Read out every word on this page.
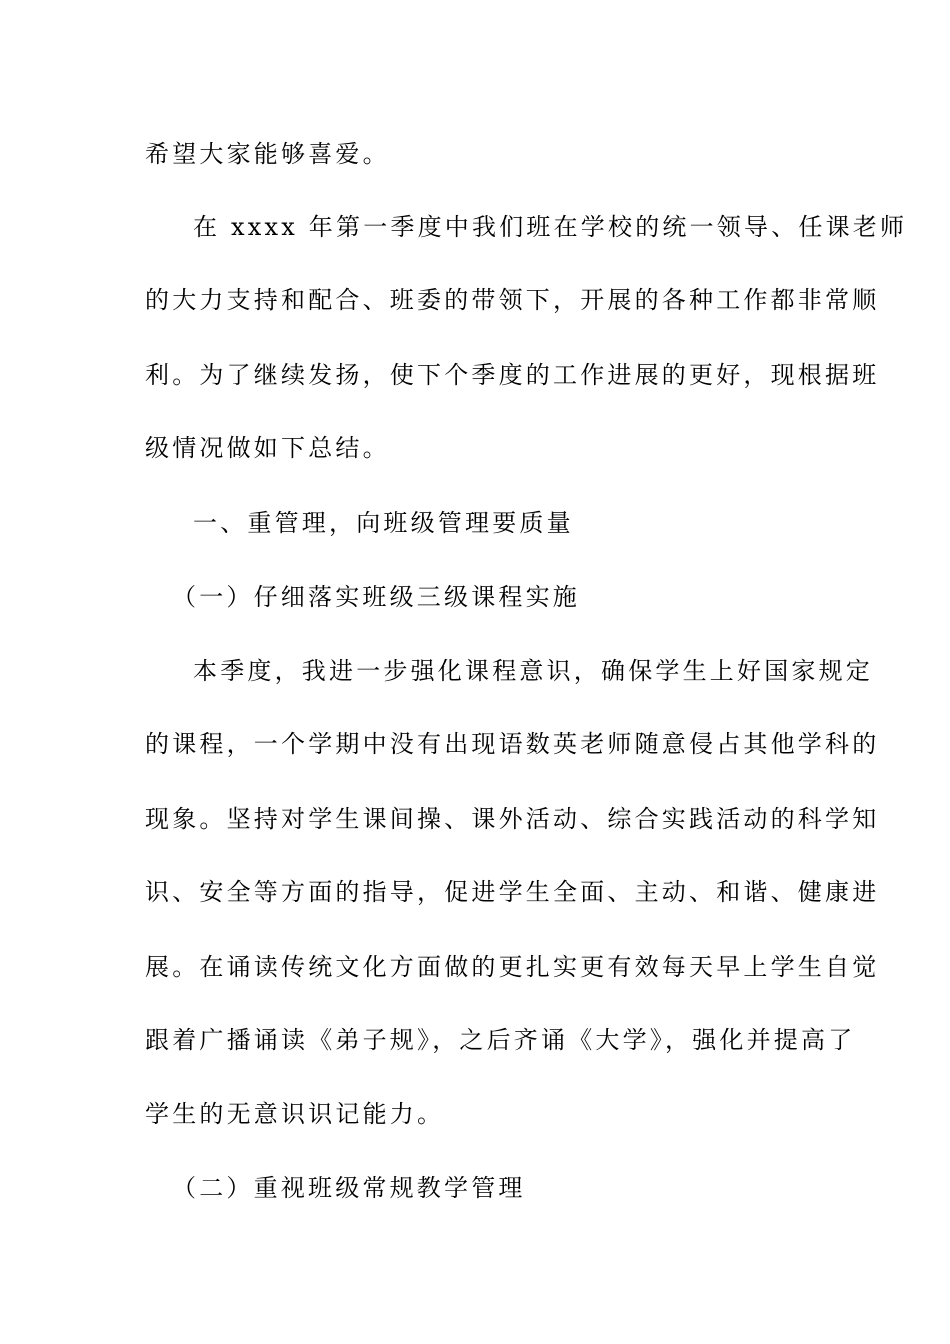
希望大家能够喜爱。
在 xxxx 年第一季度中我们班在学校的统一领导、任课老师
的大力支持和配合、班委的带领下，开展的各种工作都非常顺
利。为了继续发扬，使下个季度的工作进展的更好，现根据班
级情况做如下总结。
一、重管理，向班级管理要质量
（一）仔细落实班级三级课程实施
本季度，我进一步强化课程意识，确保学生上好国家规定
的课程，一个学期中没有出现语数英老师随意侵占其他学科的
现象。坚持对学生课间操、课外活动、综合实践活动的科学知
识、安全等方面的指导，促进学生全面、主动、和谐、健康进
展。在诵读传统文化方面做的更扎实更有效每天早上学生自觉
跟着广播诵读《弟子规》，之后齐诵《大学》，强化并提高了
学生的无意识识记能力。
（二）重视班级常规教学管理
